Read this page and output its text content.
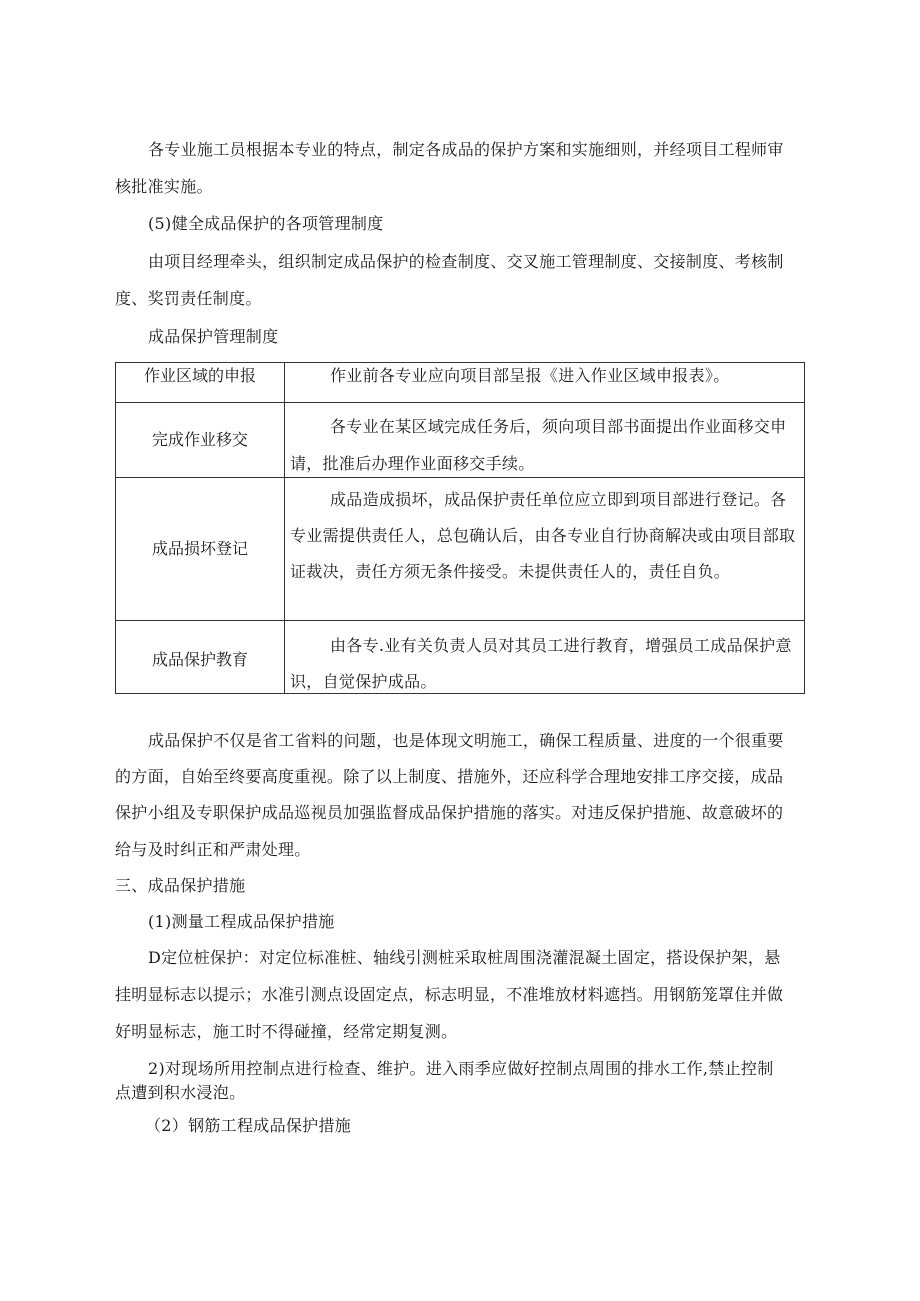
各专业施工员根据本专业的特点，制定各成品的保护方案和实施细则，并经项目工程师审
核批准实施。
(5)健全成品保护的各项管理制度
由项目经理牵头，组织制定成品保护的检查制度、交叉施工管理制度、交接制度、考核制
度、奖罚责任制度。
成品保护管理制度
作业区域的申报	作业前各专业应向项目部呈报《进入作业区域申报表》。
完成作业移交
各专业在某区域完成任务后，须向项目部书面提出作业面移交申
请，批准后办理作业面移交手续。
成品损坏登记
成品造成损坏，成品保护责任单位应立即到项目部进行登记。各
专业需提供责任人，总包确认后，由各专业自行协商解决或由项目部取
证裁决，责任方须无条件接受。未提供责任人的，责任自负。
成品保护教育
由各专.业有关负责人员对其员工进行教育，增强员工成品保护意
识，自觉保护成品。
成品保护不仅是省工省料的问题，也是体现文明施工，确保工程质量、进度的一个很重要
的方面，自始至终要高度重视。除了以上制度、措施外，还应科学合理地安排工序交接，成品
保护小组及专职保护成品巡视员加强监督成品保护措施的落实。对违反保护措施、故意破坏的
给与及时纠正和严肃处理。
三、成品保护措施
(1)测量工程成品保护措施
D定位桩保护：对定位标准桩、轴线引测桩采取桩周围浇灌混凝土固定，搭设保护架，悬
挂明显标志以提示；水准引测点设固定点，标志明显，不准堆放材料遮挡。用钢筋笼罩住并做
好明显标志，施工时不得碰撞，经常定期复测。
2)对现场所用控制点进行检查、维护。进入雨季应做好控制点周围的排水工作,禁止控制
点遭到积水浸泡。
（2）钢筋工程成品保护措施
